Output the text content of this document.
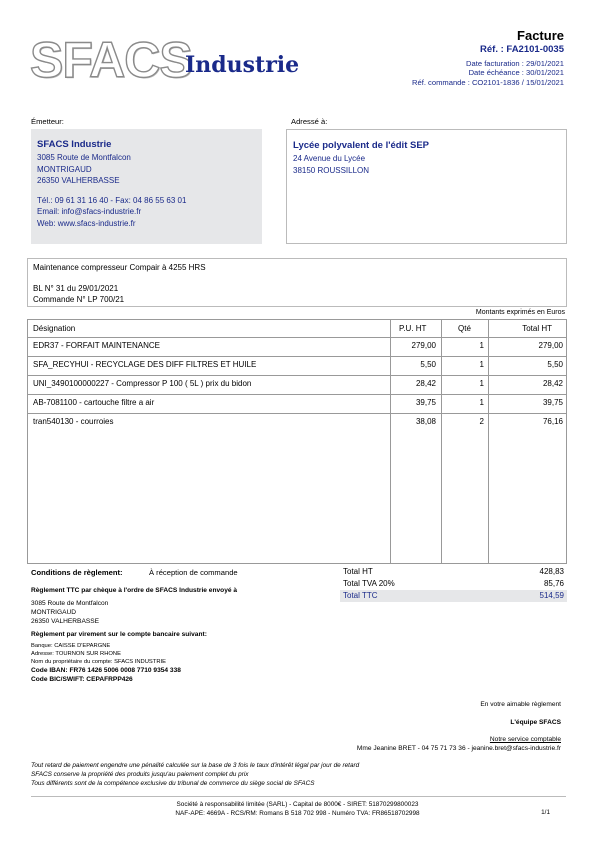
SFACS
Industrie
Facture
Réf. : FA2101-0035
Date facturation : 29/01/2021
Date échéance : 30/01/2021
Réf. commande : CO2101-1836 / 15/01/2021
Émetteur:
SFACS Industrie
3085 Route de Montfalcon
MONTRIGAUD
26350 VALHERBASSE
Tél.: 09 61 31 16 40 - Fax: 04 86 55 63 01
Email: info@sfacs-industrie.fr
Web: www.sfacs-industrie.fr
Adressé à:
Lycée polyvalent de l'édit SEP
24 Avenue du Lycée
38150 ROUSSILLON
Maintenance compresseur Compair à 4255 HRS
BL N° 31 du 29/01/2021
Commande N° LP 700/21
Montants exprimés en Euros
Désignation	P.U. HT	Qté	Total HT
EDR37 - FORFAIT MAINTENANCE	279,00	1	279,00
SFA_RECYHUI - RECYCLAGE DES DIFF FILTRES ET HUILE	5,50	1	5,50
UNI_3490100000227 - Compressor P 100 ( 5L ) prix du bidon	28,42	1	28,42
AB-7081100 - cartouche filtre a air	39,75	1	39,75
tran540130 - courroies	38,08	2	76,16
Total HT	428,83
Total TVA 20%	85,76
Total TTC	514,59
Conditions de règlement:	À réception de commande
Règlement TTC par chèque à l'ordre de SFACS Industrie envoyé à
3085 Route de Montfalcon
MONTRIGAUD
26350 VALHERBASSE
Règlement par virement sur le compte bancaire suivant:
Banque: CAISSE D'EPARGNE
Adresse: TOURNON SUR RHONE
Nom du propriétaire du compte: SFACS INDUSTRIE
Code IBAN: FR76 1426 5006 0008 7710 9354 338
Code BIC/SWIFT: CEPAFRPP426
En votre aimable règlement
L'équipe SFACS
Notre service comptable
Mme Jeanine BRET - 04 75 71 73 36 - jeanine.bret@sfacs-industrie.fr
Tout retard de paiement engendre une pénalité calculée sur la base de 3 fois le taux d'intérêt légal par jour de retard
SFACS conserve la propriété des produits jusqu'au paiement complet du prix
Tous différents sont de la compétence exclusive du tribunal de commerce du siège social de SFACS
Société à responsabilité limitée (SARL) - Capital de 8000€ - SIRET: 51870299800023
NAF-APE: 4669A - RCS/RM: Romans B 518 702 998 - Numéro TVA: FR86518702998	1/1
